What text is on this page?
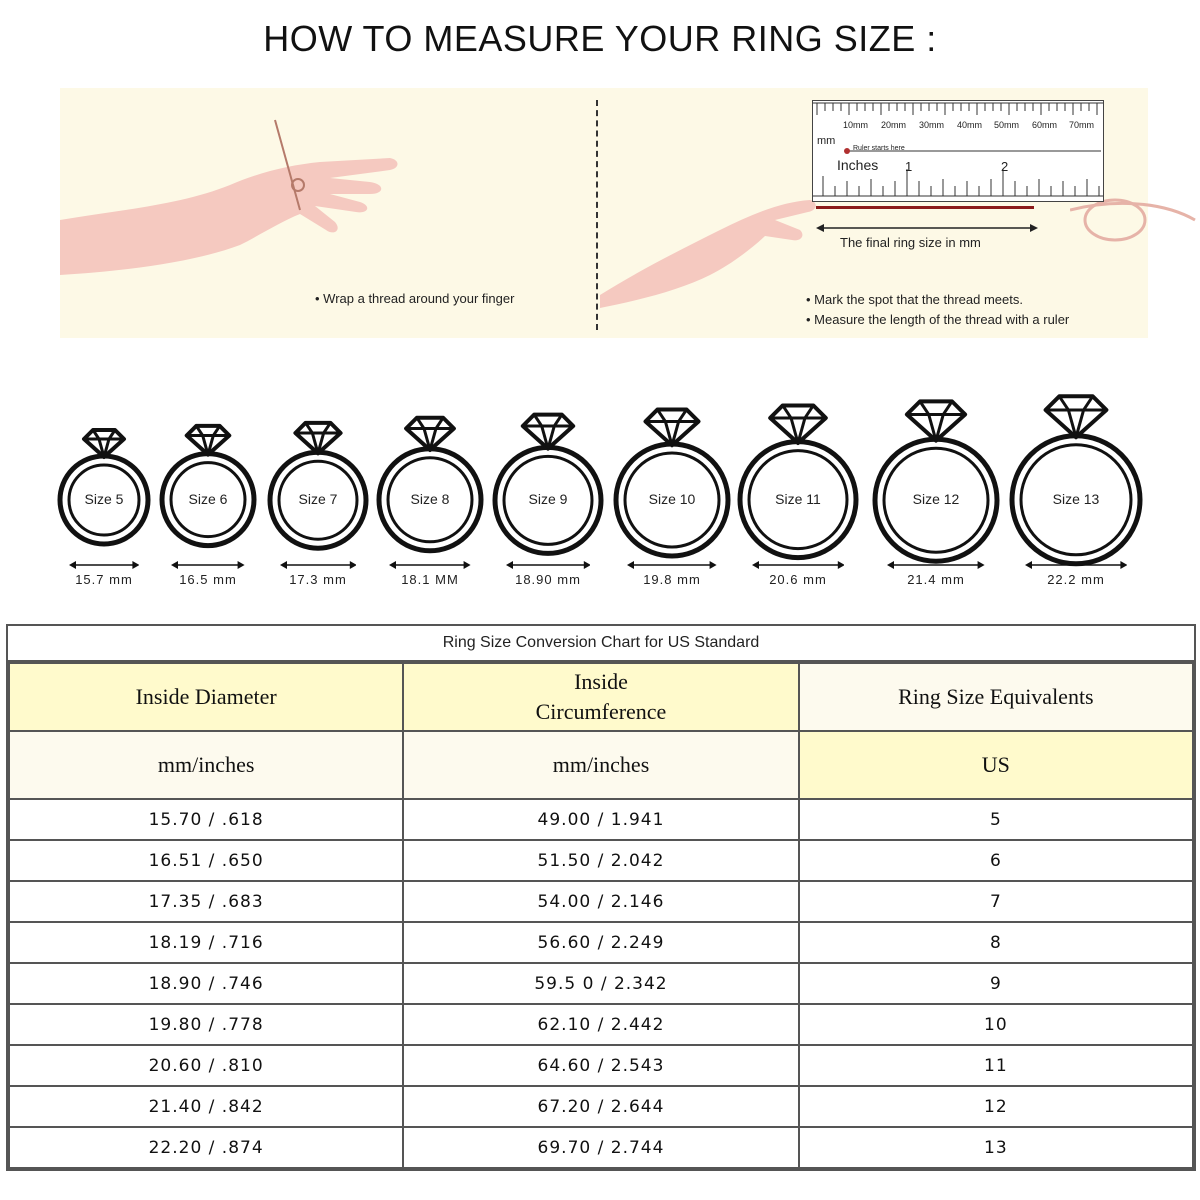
HOW TO MEASURE YOUR RING SIZE :
• Wrap a thread around your finger
10mm 20mm 30mm 40mm 50mm 60mm 70mm
mm
Ruler starts here
Inches 1	2
The final ring size in mm
• Mark the spot that the thread meets.
• Measure the length of the thread with a ruler
Size 5
15.7 mm
Size 6
16.5 mm
Size 7
17.3 mm
Size 8
18.1 MM
Size 9
18.90 mm
Size 10
19.8 mm
Size 11
20.6 mm
Size 12
21.4 mm
Size 13
22.2 mm
Ring Size Conversion Chart for US Standard
Inside Diameter	Inside Circumference	Ring Size Equivalents
mm/inches	mm/inches	US
15.70 / .618	49.00 / 1.941	5
16.51 / .650	51.50 / 2.042	6
17.35 / .683	54.00 / 2.146	7
18.19 / .716	56.60 / 2.249	8
18.90 / .746	59.5 0 / 2.342	9
19.80 / .778	62.10 / 2.442	10
20.60 / .810	64.60 / 2.543	11
21.40 / .842	67.20 / 2.644	12
22.20 / .874	69.70 / 2.744	13
